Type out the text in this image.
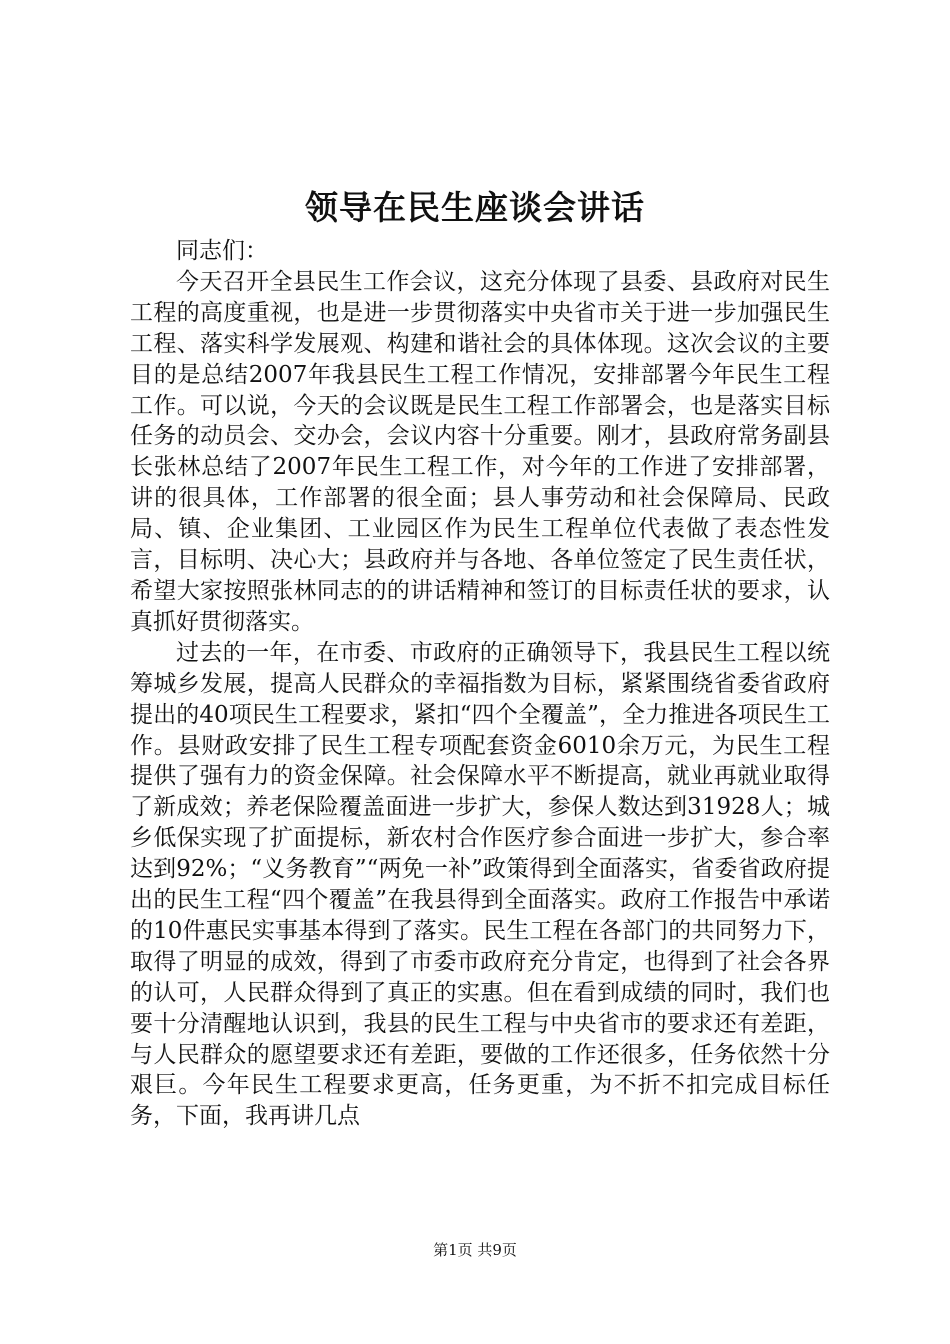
领导在民生座谈会讲话

同志们：

今天召开全县民生工作会议，这充分体现了县委、县政府对民生工程的高度重视，也是进一步贯彻落实中央省市关于进一步加强民生工程、落实科学发展观、构建和谐社会的具体体现。这次会议的主要目的是总结2007年我县民生工程工作情况，安排部署今年民生工程工作。可以说，今天的会议既是民生工程工作部署会，也是落实目标任务的动员会、交办会，会议内容十分重要。刚才，县政府常务副县长张林总结了2007年民生工程工作，对今年的工作进了安排部署，讲的很具体，工作部署的很全面；县人事劳动和社会保障局、民政局、镇、企业集团、工业园区作为民生工程单位代表做了表态性发言，目标明、决心大；县政府并与各地、各单位签定了民生责任状，希望大家按照张林同志的的讲话精神和签订的目标责任状的要求，认真抓好贯彻落实。

过去的一年，在市委、市政府的正确领导下，我县民生工程以统筹城乡发展，提高人民群众的幸福指数为目标，紧紧围绕省委省政府提出的40项民生工程要求，紧扣“四个全覆盖”，全力推进各项民生工作。县财政安排了民生工程专项配套资金6010余万元，为民生工程提供了强有力的资金保障。社会保障水平不断提高，就业再就业取得了新成效；养老保险覆盖面进一步扩大，参保人数达到31928人；城乡低保实现了扩面提标，新农村合作医疗参合面进一步扩大，参合率达到92%；“义务教育”“两免一补”政策得到全面落实，省委省政府提出的民生工程“四个覆盖”在我县得到全面落实。政府工作报告中承诺的10件惠民实事基本得到了落实。民生工程在各部门的共同努力下，取得了明显的成效，得到了市委市政府充分肯定，也得到了社会各界的认可，人民群众得到了真正的实惠。但在看到成绩的同时，我们也要十分清醒地认识到，我县的民生工程与中央省市的要求还有差距，与人民群众的愿望要求还有差距，要做的工作还很多，任务依然十分艰巨。今年民生工程要求更高，任务更重，为不折不扣完成目标任务，下面，我再讲几点

第1页 共9页
